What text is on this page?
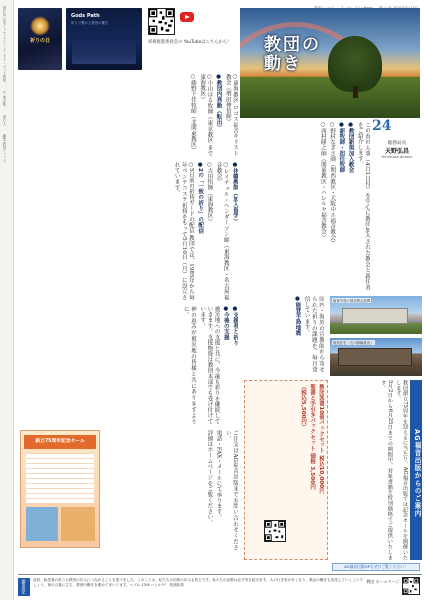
発行所 日本アッセンブリーズ・オブ・ゴッド教団 〒 東京都 発行人 編集 教団ニュース
祈りの日
Gods Path
祈りで繋がる教団の働き
祈祷推進委員会の YouTubeはこちらから！	教団の動き
24
総務局長
天野弘昌
Hiromasa Amano

この春の人事（4月1日付）を中心に教団加入された教会と新任者をご紹介します。

●教団新規加入教会

●新牧師・担任牧師

○野村なぎさ師（関西教区・大阪中ル福音教会）

○西村隆之師（関東教区・ハレルヤ福音教会）

○東海教区 ロゴス福音キリスト教会（増田伸悟師）

●教団内異動（転出）

○小山はる牧師（東京教区 まで 東海教区）

○藤野千佳牧師（北関東教区）

●休職教師（加入留学）

○レイチェル・ヘンダーソン師（東海教区・名古屋福音教会）

○吉田悟師（東海教区）

●2の「一致の祈り」の配信

○5日前の祈祷ガードの配信 教団では、1985年から毎年ペンテコステ祈祷をもって5月10日（月）に設立されています。

国内・海外の宣教師から寄せられた祈りの課題を、毎月発信しています。

●能登半島地震	能登半島の被災教会訪問
仮設住宅（石川県輪島市）

●支援者と祈り

●今後の支援

被災地への支援と共に、今後も祈りを継続していきます。支援物資は教団本部でも受け付けています。

神の恵みが被災地の皆様と共にありますように。

教団図書10冊パックセット 税込10,000円

聖書と手引きパックセット 価格 3,500円

（税込5,500円）

AG福音出版からのご案内

教団創立75周年を迎えるに当たり、AG福音出版では記念セールを開催いたします。

5月2日から6月25日までの期間中、対象書籍を特別価格でご提供いたします。

AG福音出版HPもぜひご覧ください！
創立75周年記念セール	ご注文はAG福音出版までお問い合わせください。

電話・FAX・メールにて承ります。

詳細はホームページをご覧ください。

編集後記	前回、転居者の祈りも教団の歩みにつながることを述べました。このことは、私たちの信仰の歩みも同じです。私たちの宣教は必ず実を結びます。人の行き来が多くなり、教会の働きも変化していくことでしょう。神の言葉に立ち、教団の働きを進めてまいります。ヘブル 13:8 ハレルヤ！ 松浦拓馬
教団 ホームページ
